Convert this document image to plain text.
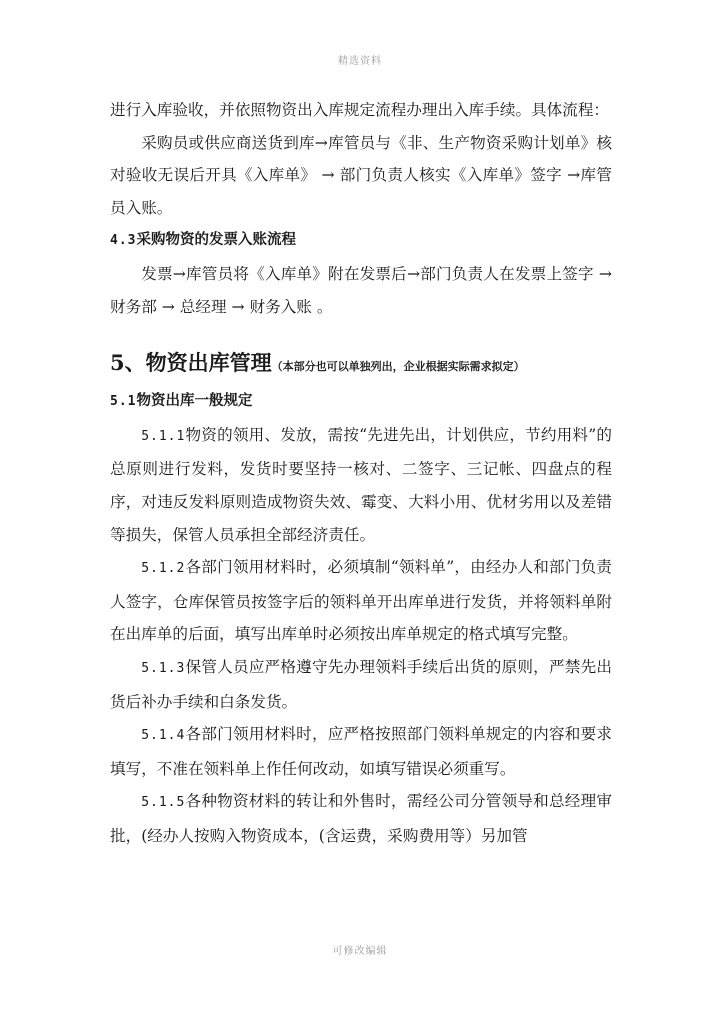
精选资料

进行入库验收，并依照物资出入库规定流程办理出入库手续。具体流程：

采购员或供应商送货到库→库管员与《非、生产物资采购计划单》核对验收无误后开具《入库单》 → 部门负责人核实《入库单》签字 →库管员入账。

4.3采购物资的发票入账流程

发票→库管员将《入库单》附在发票后→部门负责人在发票上签字 → 财务部 → 总经理 → 财务入账 。

5、物资出库管理（本部分也可以单独列出，企业根据实际需求拟定）

5.1物资出库一般规定

5.1.1物资的领用、发放，需按“先进先出，计划供应，节约用料”的总原则进行发料，发货时要坚持一核对、二签字、三记帐、四盘点的程序，对违反发料原则造成物资失效、霉变、大料小用、优材劣用以及差错等损失，保管人员承担全部经济责任。

5.1.2各部门领用材料时，必须填制“领料单”，由经办人和部门负责人签字，仓库保管员按签字后的领料单开出库单进行发货，并将领料单附在出库单的后面，填写出库单时必须按出库单规定的格式填写完整。

5.1.3保管人员应严格遵守先办理领料手续后出货的原则，严禁先出货后补办手续和白条发货。

5.1.4各部门领用材料时，应严格按照部门领料单规定的内容和要求填写，不准在领料单上作任何改动，如填写错误必须重写。

5.1.5各种物资材料的转让和外售时，需经公司分管领导和总经理审批，(经办人按购入物资成本，(含运费，采购费用等）另加管

可修改编辑
